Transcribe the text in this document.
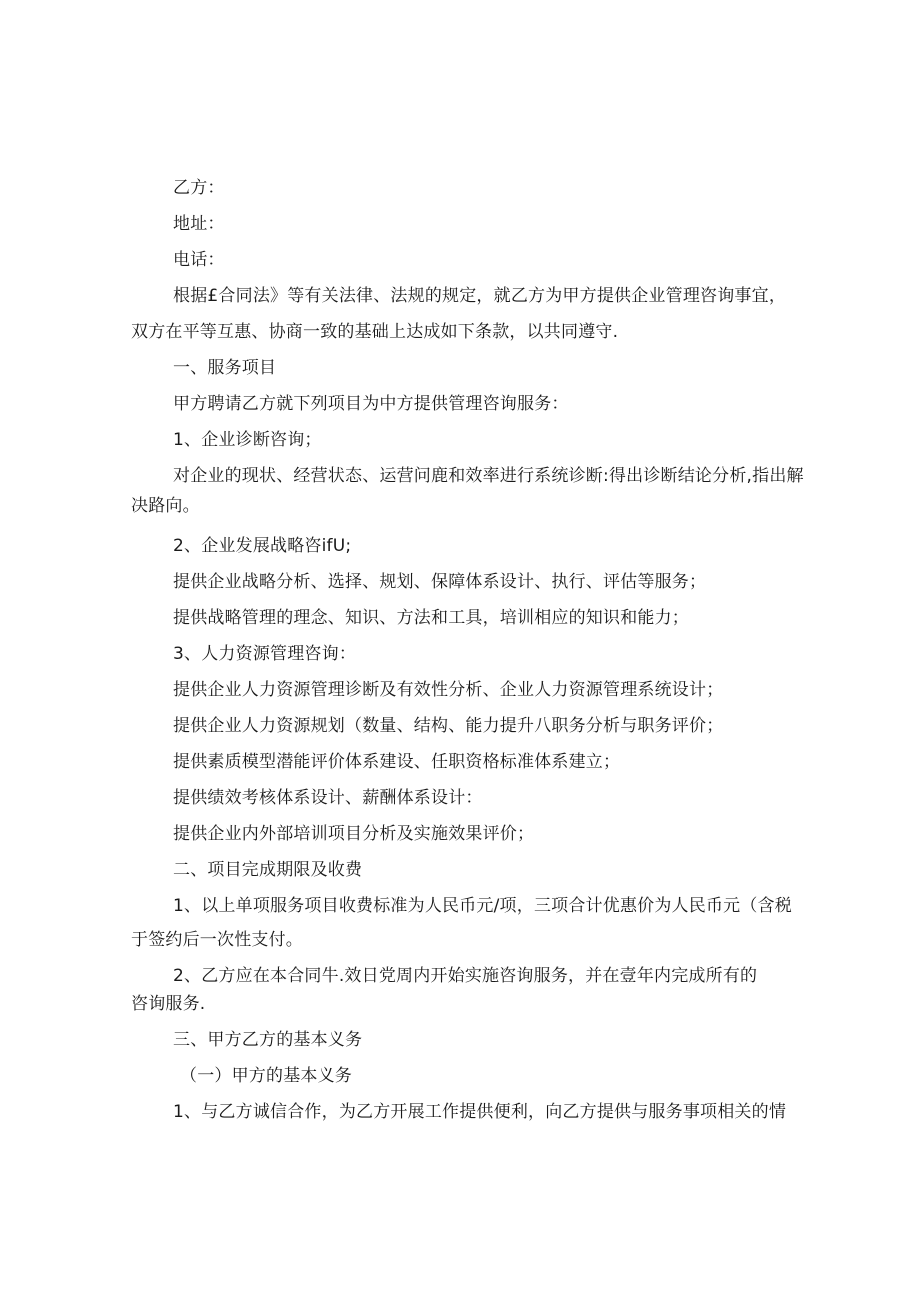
乙方：
地址：
电话：
根据£合同法》等有关法律、法规的规定，就乙方为甲方提供企业管理咨询事宜，
双方在平等互惠、协商一致的基础上达成如下条款，以共同遵守.
一、服务项目
甲方聘请乙方就下列项目为中方提供管理咨询服务：
1、企业诊断咨询；
对企业的现状、经营状态、运营问鹿和效率进行系统诊断:得出诊断结论分析,指出解
决路向。
2、企业发展战略咨ifU;
提供企业战略分析、选择、规划、保障体系设计、执行、评估等服务；
提供战略管理的理念、知识、方法和工具，培训相应的知识和能力；
3、人力资源管理咨询：
提供企业人力资源管理诊断及有效性分析、企业人力资源管理系统设计；
提供企业人力资源规划（数量、结构、能力提升八职务分析与职务评价；
提供素质模型潜能评价体系建设、任职资格标准体系建立；
提供绩效考核体系设计、薪酬体系设计：
提供企业内外部培训项目分析及实施效果评价；
二、项目完成期限及收费
1、以上单项服务项目收费标准为人民币元/项，三项合计优惠价为人民币元（含税
于签约后一次性支付。
2、乙方应在本合同牛.效日党周内开始实施咨询服务，并在壹年内完成所有的
咨询服务.
三、甲方乙方的基本义务
（一）甲方的基本义务
1、与乙方诚信合作，为乙方开展工作提供便利，向乙方提供与服务事项相关的情
